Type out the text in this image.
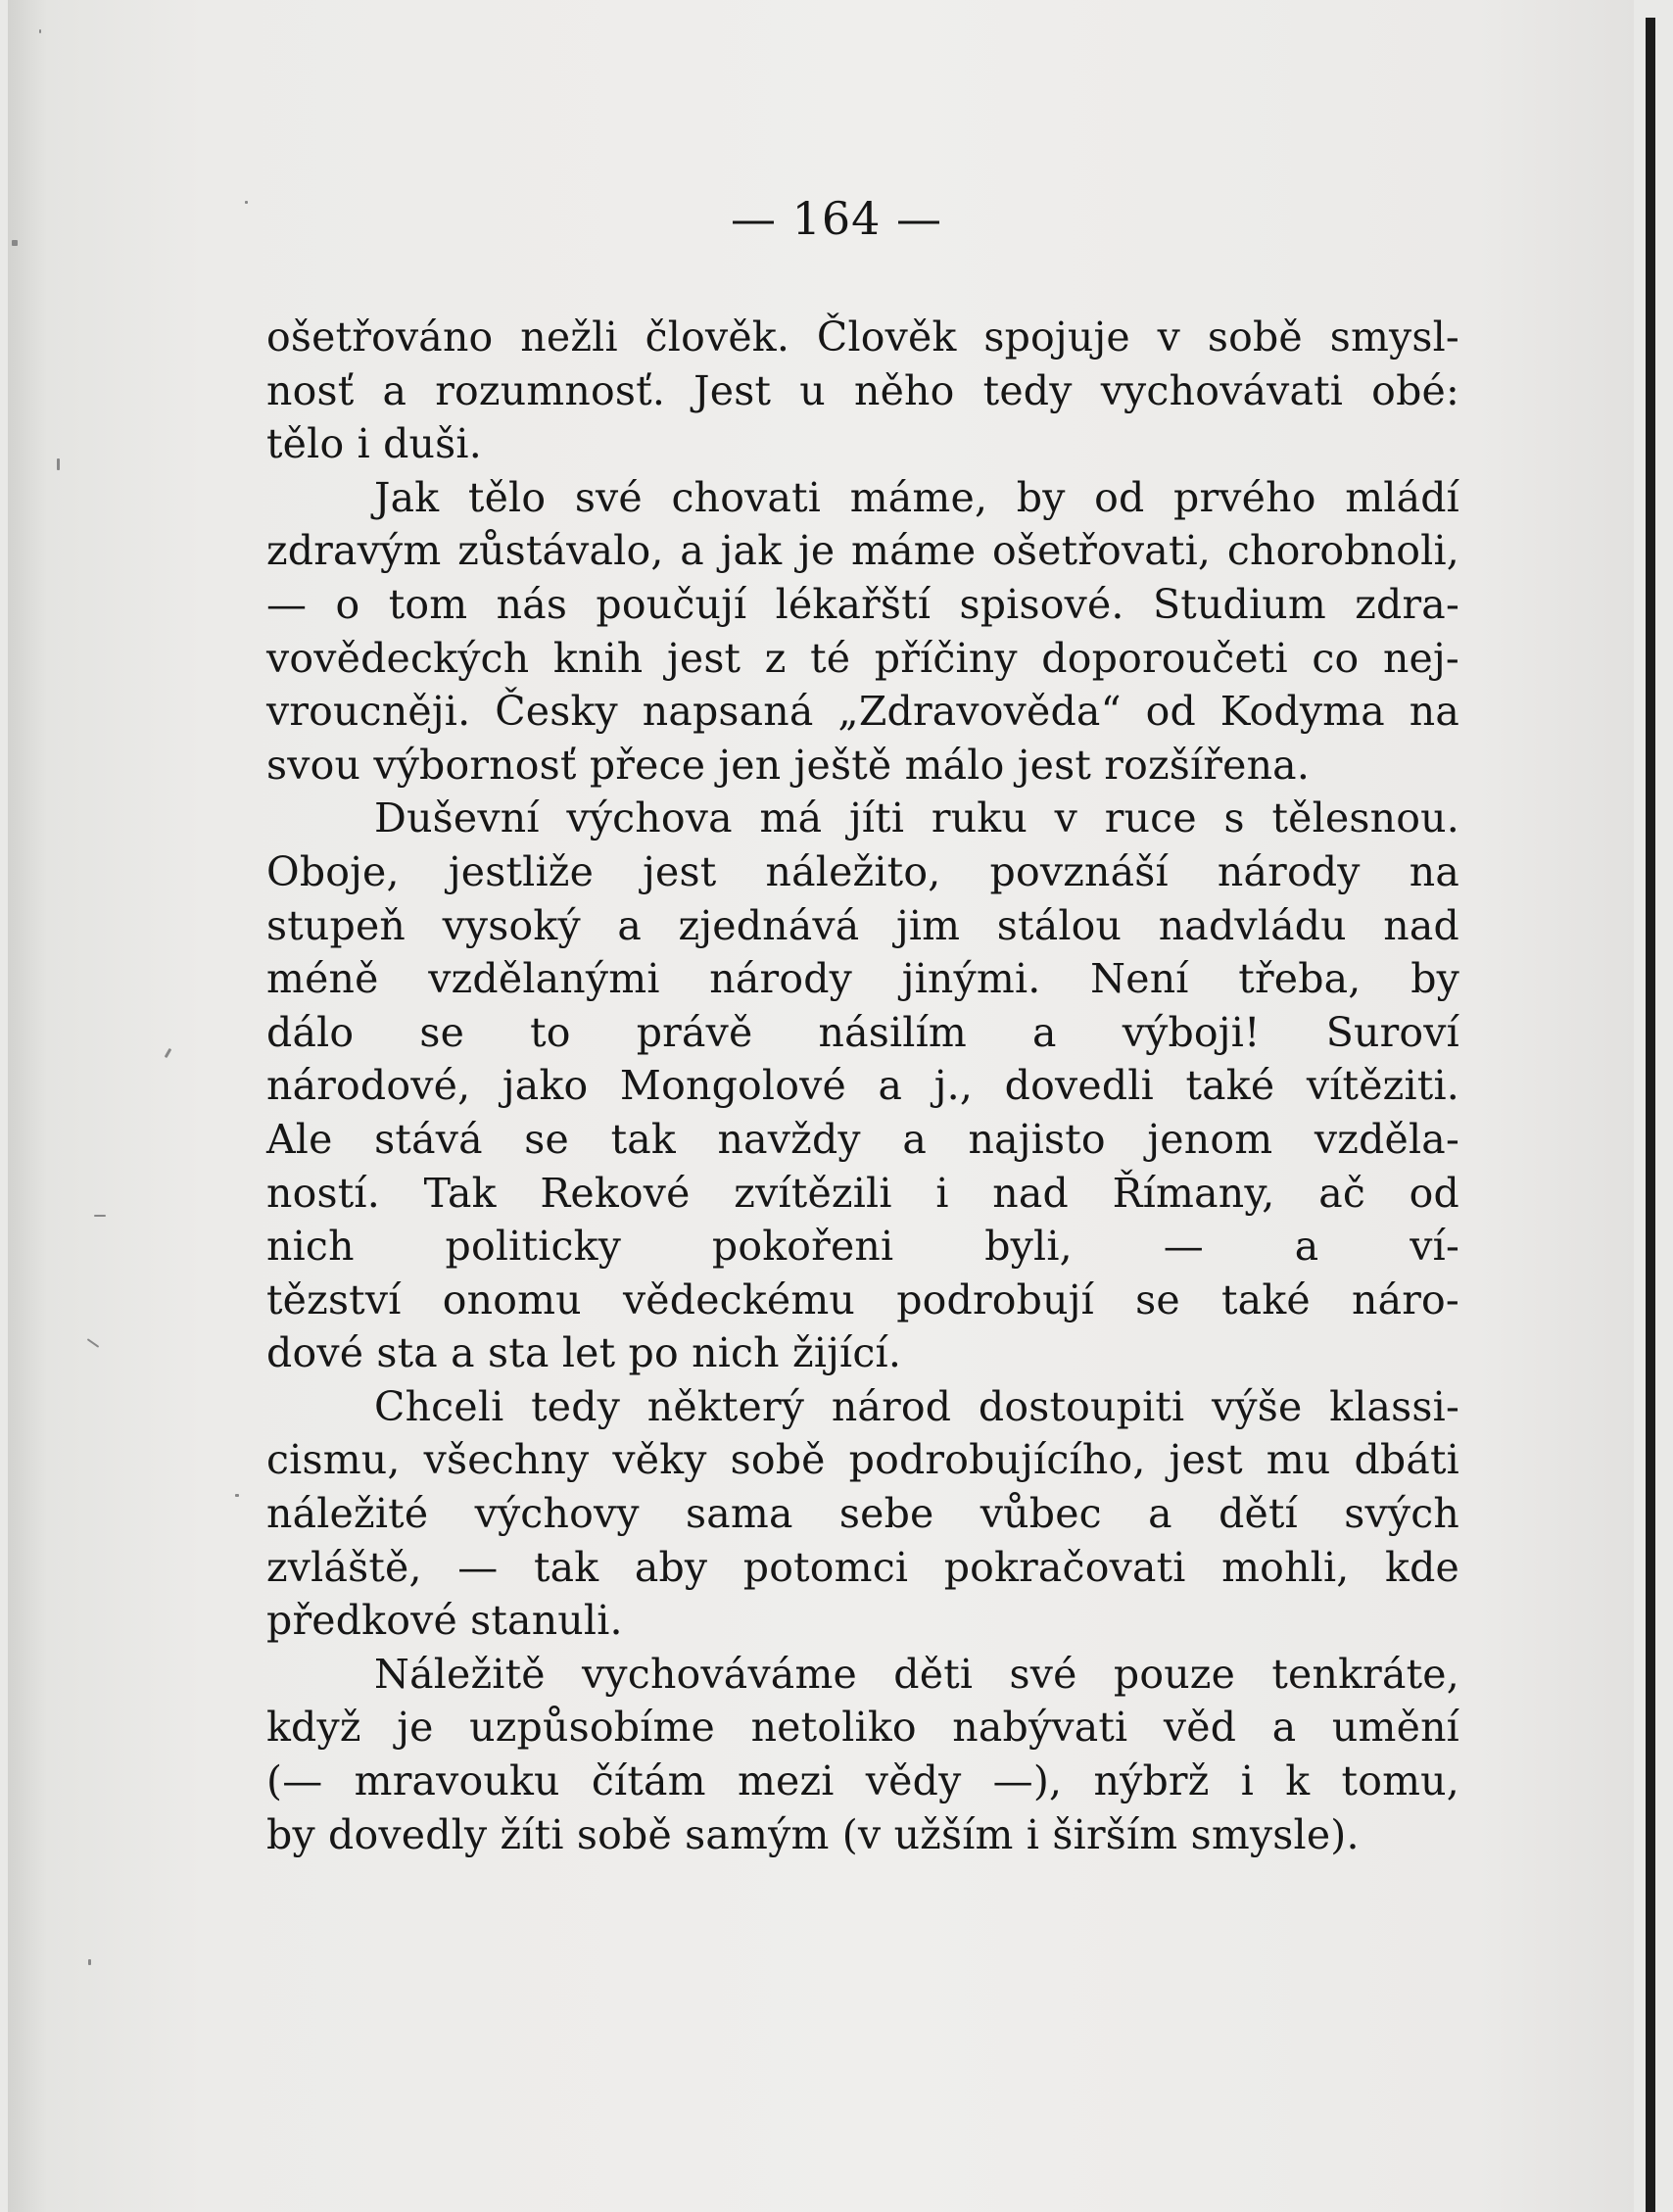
— 164 —
ošetřováno nežli člověk. Člověk spojuje v sobě smysl-
nosť a rozumnosť. Jest u něho tedy vychovávati obé:
tělo i duši.
Jak tělo své chovati máme, by od prvého mládí
zdravým zůstávalo, a jak je máme ošetřovati, chorobnoli,
— o tom nás poučují lékařští spisové. Studium zdra-
vovědeckých knih jest z té příčiny doporoučeti co nej-
vroucněji. Česky napsaná „Zdravověda“ od Kodyma na
svou výbornosť přece jen ještě málo jest rozšířena.
Duševní výchova má jíti ruku v ruce s tělesnou.
Oboje, jestliže jest náležito, povznáší národy na
stupeň vysoký a zjednává jim stálou nadvládu nad
méně vzdělanými národy jinými. Není třeba, by
dálo se to právě násilím a výboji! Suroví
národové, jako Mongolové a j., dovedli také vítěziti.
Ale stává se tak navždy a najisto jenom vzděla-
ností. Tak Rekové zvítězili i nad Římany, ač od
nich politicky pokořeni byli, — a ví-
tězství onomu vědeckému podrobují se také náro-
dové sta a sta let po nich žijící.
Chceli tedy některý národ dostoupiti výše klassi-
cismu, všechny věky sobě podrobujícího, jest mu dbáti
náležité výchovy sama sebe vůbec a dětí svých
zvláště, — tak aby potomci pokračovati mohli, kde
předkové stanuli.
Náležitě vychováváme děti své pouze tenkráte,
když je uzpůsobíme netoliko nabývati věd a umění
(— mravouku čítám mezi vědy —), nýbrž i k tomu,
by dovedly žíti sobě samým (v užším i širším smysle).
